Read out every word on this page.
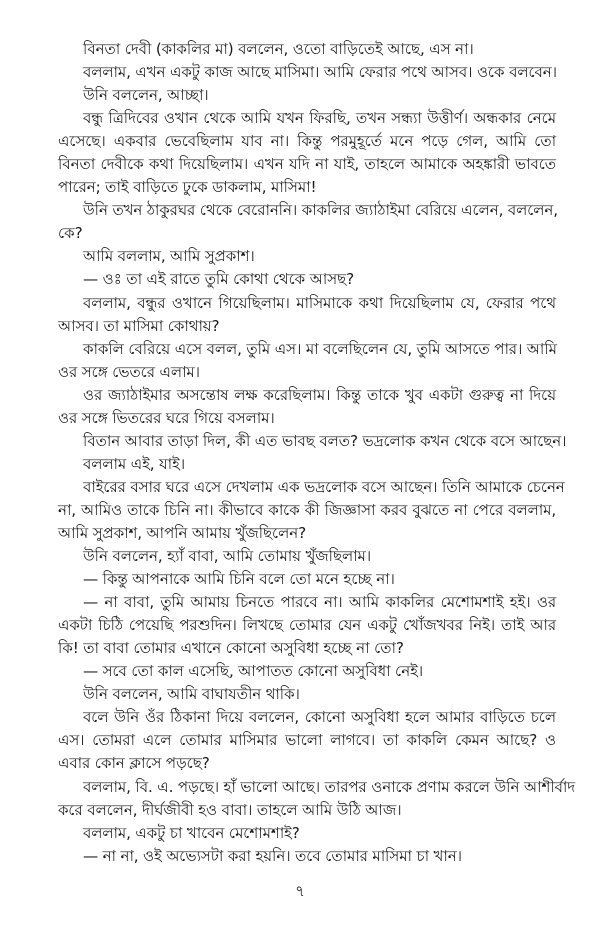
বিনতা দেবী (কাকলির মা) বললেন, ওতো বাড়িতেই আছে, এস না।
বললাম, এখন একটু কাজ আছে মাসিমা। আমি ফেরার পথে আসব। ওকে বলবেন।
উনি বললেন, আচ্ছা।
বন্ধু ত্রিদিবের ওখান থেকে আমি যখন ফিরছি, তখন সন্ধ্যা উত্তীর্ণ। অন্ধকার নেমে
এসেছে। একবার ভেবেছিলাম যাব না। কিন্তু পরমুহূর্তে মনে পড়ে গেল, আমি তো
বিনতা দেবীকে কথা দিয়েছিলাম। এখন যদি না যাই, তাহলে আমাকে অহঙ্কারী ভাবতে
পারেন; তাই বাড়িতে ঢুকে ডাকলাম, মাসিমা!
উনি তখন ঠাকুরঘর থেকে বেরোননি। কাকলির জ্যাঠাইমা বেরিয়ে এলেন, বললেন,
কে?
আমি বললাম, আমি সুপ্রকাশ।
— ওঃ তা এই রাতে তুমি কোথা থেকে আসছ?
বললাম, বন্ধুর ওখানে গিয়েছিলাম। মাসিমাকে কথা দিয়েছিলাম যে, ফেরার পথে
আসব। তা মাসিমা কোথায়?
কাকলি বেরিয়ে এসে বলল, তুমি এস। মা বলেছিলেন যে, তুমি আসতে পার। আমি
ওর সঙ্গে ভেতরে এলাম।
ওর জ্যাঠাইমার অসন্তোষ লক্ষ করেছিলাম। কিন্তু তাকে খুব একটা গুরুত্ব না দিয়ে
ওর সঙ্গে ভিতরের ঘরে গিয়ে বসলাম।
বিতান আবার তাড়া দিল, কী এত ভাবছ বলত? ভদ্রলোক কখন থেকে বসে আছেন।
বললাম এই, যাই।
বাইরের বসার ঘরে এসে দেখলাম এক ভদ্রলোক বসে আছেন। তিনি আমাকে চেনেন
না, আমিও তাকে চিনি না। কীভাবে কাকে কী জিজ্ঞাসা করব বুঝতে না পেরে বললাম,
আমি সুপ্রকাশ, আপনি আমায় খুঁজছিলেন?
উনি বললেন, হ্যাঁ বাবা, আমি তোমায় খুঁজছিলাম।
— কিন্তু আপনাকে আমি চিনি বলে তো মনে হচ্ছে না।
— না বাবা, তুমি আমায় চিনতে পারবে না। আমি কাকলির মেশোমশাই হই। ওর
একটা চিঠি পেয়েছি পরশুদিন। লিখছে তোমার যেন একটু খোঁজখবর নিই। তাই আর
কি! তা বাবা তোমার এখানে কোনো অসুবিধা হচ্ছে না তো?
— সবে তো কাল এসেছি, আপাতত কোনো অসুবিধা নেই।
উনি বললেন, আমি বাঘাযতীন থাকি।
বলে উনি ওঁর ঠিকানা দিয়ে বললেন, কোনো অসুবিধা হলে আমার বাড়িতে চলে
এস। তোমরা এলে তোমার মাসিমার ভালো লাগবে। তা কাকলি কেমন আছে? ও
এবার কোন ক্লাসে পড়ছে?
বললাম, বি. এ. পড়ছে। হাঁ ভালো আছে। তারপর ওনাকে প্রণাম করলে উনি আশীর্বাদ
করে বললেন, দীর্ঘজীবী হও বাবা। তাহলে আমি উঠি আজ।
বললাম, একটু চা খাবেন মেশোমশাই?
— না না, ওই অভ্যেসটা করা হয়নি। তবে তোমার মাসিমা চা খান।
৭
